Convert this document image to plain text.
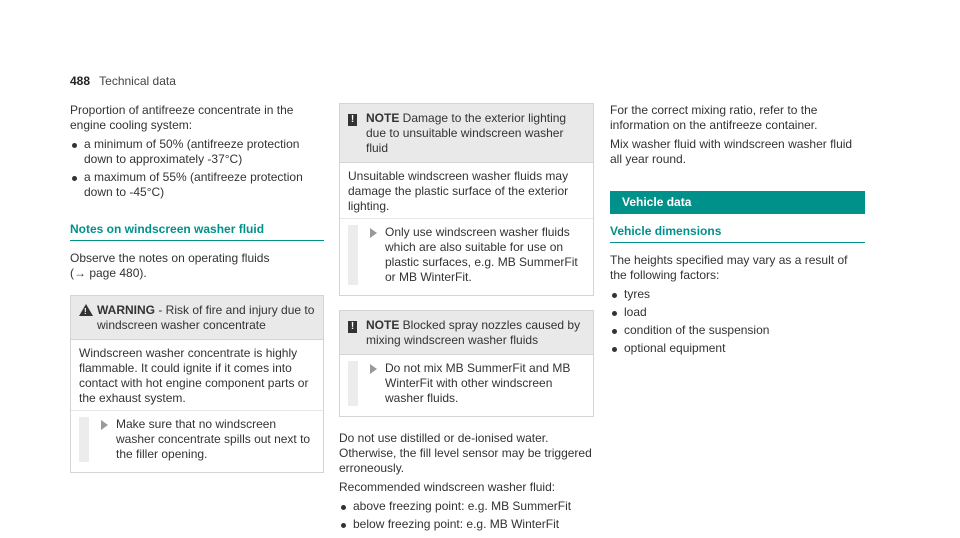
488 Technical data

Proportion of antifreeze concentrate in the engine cooling system:

a minimum of 50% (antifreeze protection down to approximately -37°C)
a maximum of 55% (antifreeze protection down to -45°C)
Notes on windscreen washer fluid

Observe the notes on operating fluids

(→ page 480).

! WARNING - Risk of fire and injury due to windscreen washer concentrate

Windscreen washer concentrate is highly flammable. It could ignite if it comes into contact with hot engine component parts or the exhaust system.

Make sure that no windscreen washer concentrate spills out next to the filler opening.
! NOTE Damage to the exterior lighting due to unsuitable windscreen washer fluid

Unsuitable windscreen washer fluids may damage the plastic surface of the exterior lighting.

Only use windscreen washer fluids which are also suitable for use on plastic surfaces, e.g. MB SummerFit or MB WinterFit.
! NOTE Blocked spray nozzles caused by mixing windscreen washer fluids
Do not mix MB SummerFit and MB WinterFit with other windscreen washer fluids.

Do not use distilled or de-ionised water. Otherwise, the fill level sensor may be triggered erroneously.

Recommended windscreen washer fluid:

above freezing point: e.g. MB SummerFit
below freezing point: e.g. MB WinterFit

For the correct mixing ratio, refer to the information on the antifreeze container.

Mix washer fluid with windscreen washer fluid all year round.

Vehicle data
Vehicle dimensions

The heights specified may vary as a result of the following factors:

tyres
load
condition of the suspension
optional equipment
